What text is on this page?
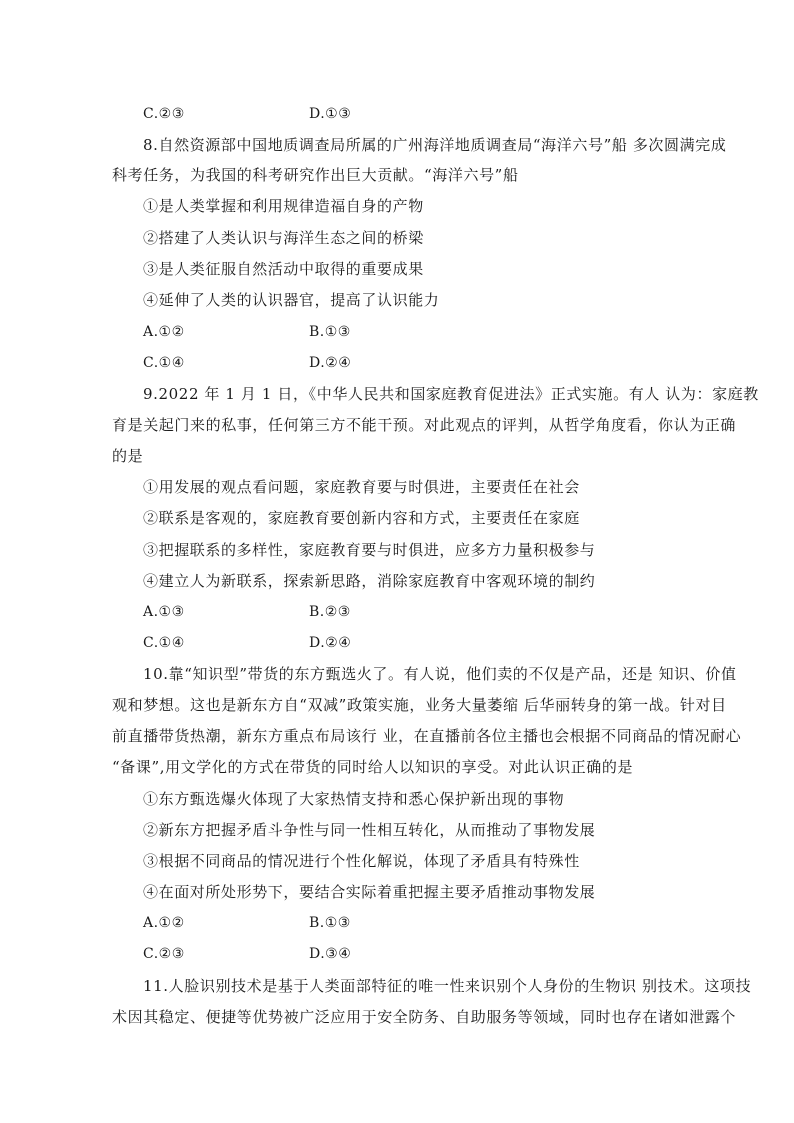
C.②③	D.①③
8.自然资源部中国地质调查局所属的广州海洋地质调查局“海洋六号”船 多次圆满完成
科考任务，为我国的科考研究作出巨大贡献。“海洋六号”船
①是人类掌握和利用规律造福自身的产物
②搭建了人类认识与海洋生态之间的桥梁
③是人类征服自然活动中取得的重要成果
④延伸了人类的认识器官，提高了认识能力
A.①②	B.①③
C.①④	D.②④
9.2022 年 1 月 1 日，《中华人民共和国家庭教育促进法》正式实施。有人 认为：家庭教
育是关起门来的私事，任何第三方不能干预。对此观点的评判，从哲学角度看，你认为正确
的是
①用发展的观点看问题，家庭教育要与时俱进，主要责任在社会
②联系是客观的，家庭教育要创新内容和方式，主要责任在家庭
③把握联系的多样性，家庭教育要与时俱进，应多方力量积极参与
④建立人为新联系，探索新思路，消除家庭教育中客观环境的制约
A.①③	B.②③
C.①④	D.②④
10.靠“知识型”带货的东方甄选火了。有人说，他们卖的不仅是产品，还是 知识、价值
观和梦想。这也是新东方自“双减”政策实施，业务大量萎缩 后华丽转身的第一战。针对目
前直播带货热潮，新东方重点布局该行 业，在直播前各位主播也会根据不同商品的情况耐心
“备课”,用文学化的方式在带货的同时给人以知识的享受。对此认识正确的是
①东方甄选爆火体现了大家热情支持和悉心保护新出现的事物
②新东方把握矛盾斗争性与同一性相互转化，从而推动了事物发展
③根据不同商品的情况进行个性化解说，体现了矛盾具有特殊性
④在面对所处形势下，要结合实际着重把握主要矛盾推动事物发展
A.①②	B.①③
C.②③	D.③④
11.人脸识别技术是基于人类面部特征的唯一性来识别个人身份的生物识 别技术。这项技
术因其稳定、便捷等优势被广泛应用于安全防务、自助服务等领域，同时也存在诸如泄露个
